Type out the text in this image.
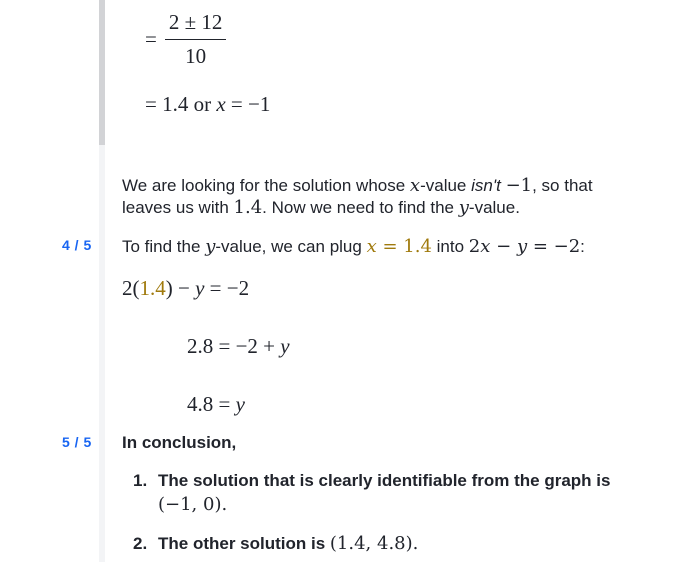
= $\frac{2 \pm 12}{10}$
= 1.4 or x = −1
We are looking for the solution whose x-value isn't −1, so that
leaves us with 1.4. Now we need to find the y-value.
4 / 5 To find the y-value, we can plug x = 1.4 into 2x − y = −2:
2(1.4) − y = −2
2.8 = −2 + y
4.8 = y
5 / 5 In conclusion,
1. The solution that is clearly identifiable from the graph is
(−1, 0).
2. The other solution is (1.4, 4.8).
